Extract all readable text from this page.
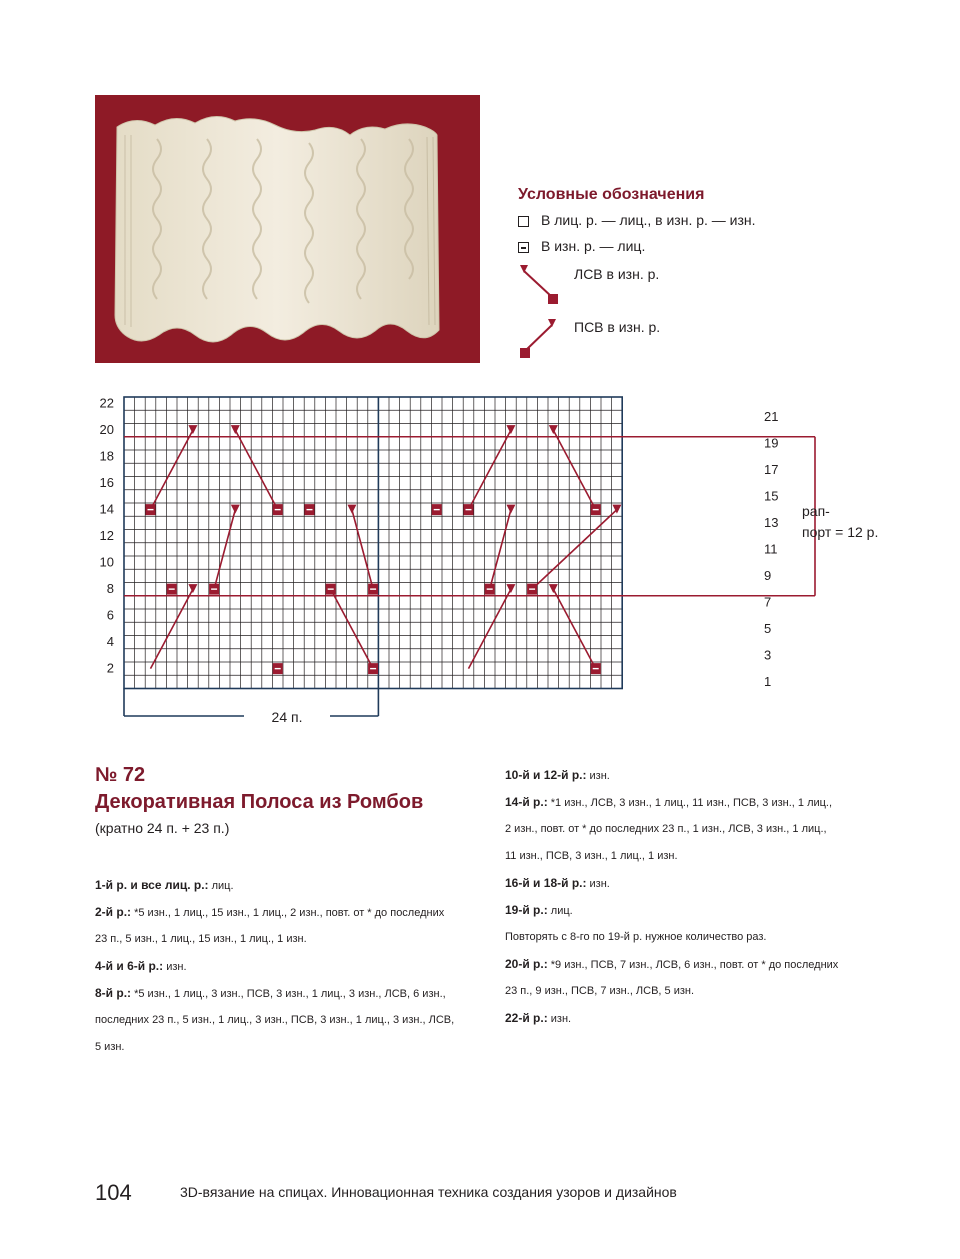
Условные обозначения

В лиц. р. — лиц., в изн. р. — изн.
В изн. р. — лиц.
ЛСВ в изн. р.
ПСВ в изн. р.
22
20
18
16
14
12
10
8
6
4
2
21
19
17
15
13
11
9
7
5
3
1
рап-
порт = 12 р.
24 п.

№ 72

Декоративная Полоса из Ромбов

(кратно 24 п. + 23 п.)

1-й р. и все лиц. р.: лиц.
2-й р.: *5 изн., 1 лиц., 15 изн., 1 лиц., 2 изн., повт. от * до последних
23 п., 5 изн., 1 лиц., 15 изн., 1 лиц., 1 изн.
4-й и 6-й р.: изн.
8-й р.: *5 изн., 1 лиц., 3 изн., ПСВ, 3 изн., 1 лиц., 3 изн., ЛСВ, 6 изн.,
последних 23 п., 5 изн., 1 лиц., 3 изн., ПСВ, 3 изн., 1 лиц., 3 изн., ЛСВ,
5 изн.
10-й и 12-й р.: изн.
14-й р.: *1 изн., ЛСВ, 3 изн., 1 лиц., 11 изн., ПСВ, 3 изн., 1 лиц.,
2 изн., повт. от * до последних 23 п., 1 изн., ЛСВ, 3 изн., 1 лиц.,
11 изн., ПСВ, 3 изн., 1 лиц., 1 изн.
16-й и 18-й р.: изн.
19-й р.: лиц.
Повторять с 8-го по 19-й р. нужное количество раз.
20-й р.: *9 изн., ПСВ, 7 изн., ЛСВ, 6 изн., повт. от * до последних
23 п., 9 изн., ПСВ, 7 изн., ЛСВ, 5 изн.
22-й р.: изн.
104	3D-вязание на спицах. Инновационная техника создания узоров и дизайнов
